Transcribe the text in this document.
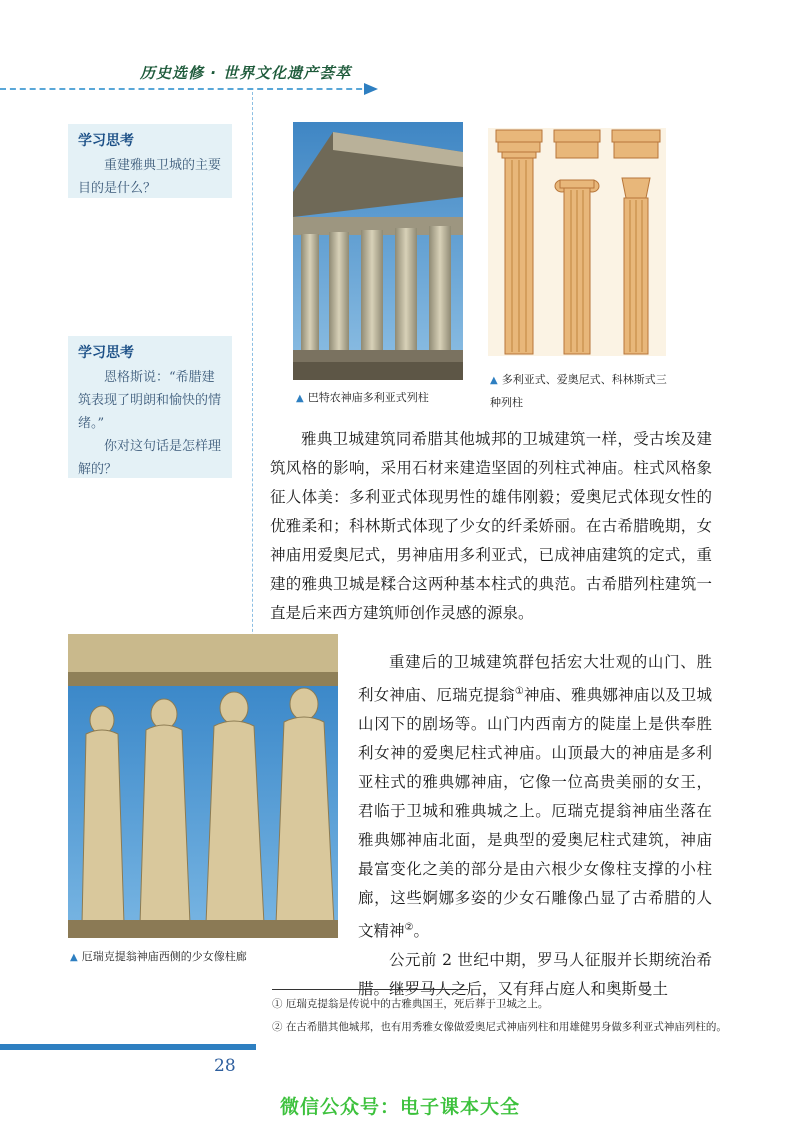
历史选修 · 世界文化遗产荟萃
学习思考

重建雅典卫城的主要目的是什么？

学习思考

恩格斯说：“希腊建筑表现了明朗和愉快的情绪。”

你对这句话是怎样理解的？

▲ 巴特农神庙多利亚式列柱
▲ 多利亚式、爱奥尼式、科林斯式三种列柱

雅典卫城建筑同希腊其他城邦的卫城建筑一样，受古埃及建筑风格的影响，采用石材来建造坚固的列柱式神庙。柱式风格象征人体美：多利亚式体现男性的雄伟刚毅；爱奥尼式体现女性的优雅柔和；科林斯式体现了少女的纤柔娇丽。在古希腊晚期，女神庙用爱奥尼式，男神庙用多利亚式，已成神庙建筑的定式，重建的雅典卫城是糅合这两种基本柱式的典范。古希腊列柱建筑一直是后来西方建筑师创作灵感的源泉。

▲ 厄瑞克提翁神庙西侧的少女像柱廊

重建后的卫城建筑群包括宏大壮观的山门、胜利女神庙、厄瑞克提翁①神庙、雅典娜神庙以及卫城山冈下的剧场等。山门内西南方的陡崖上是供奉胜利女神的爱奥尼柱式神庙。山顶最大的神庙是多利亚柱式的雅典娜神庙，它像一位高贵美丽的女王，君临于卫城和雅典城之上。厄瑞克提翁神庙坐落在雅典娜神庙北面，是典型的爱奥尼柱式建筑，神庙最富变化之美的部分是由六根少女像柱支撑的小柱廊，这些婀娜多姿的少女石雕像凸显了古希腊的人文精神②。

公元前 2 世纪中期，罗马人征服并长期统治希腊。继罗马人之后，又有拜占庭人和奥斯曼土

① 厄瑞克提翁是传说中的古雅典国王，死后葬于卫城之上。
② 在古希腊其他城邦，也有用秀雅女像做爱奥尼式神庙列柱和用雄健男身做多利亚式神庙列柱的。
28
微信公众号：电子课本大全
